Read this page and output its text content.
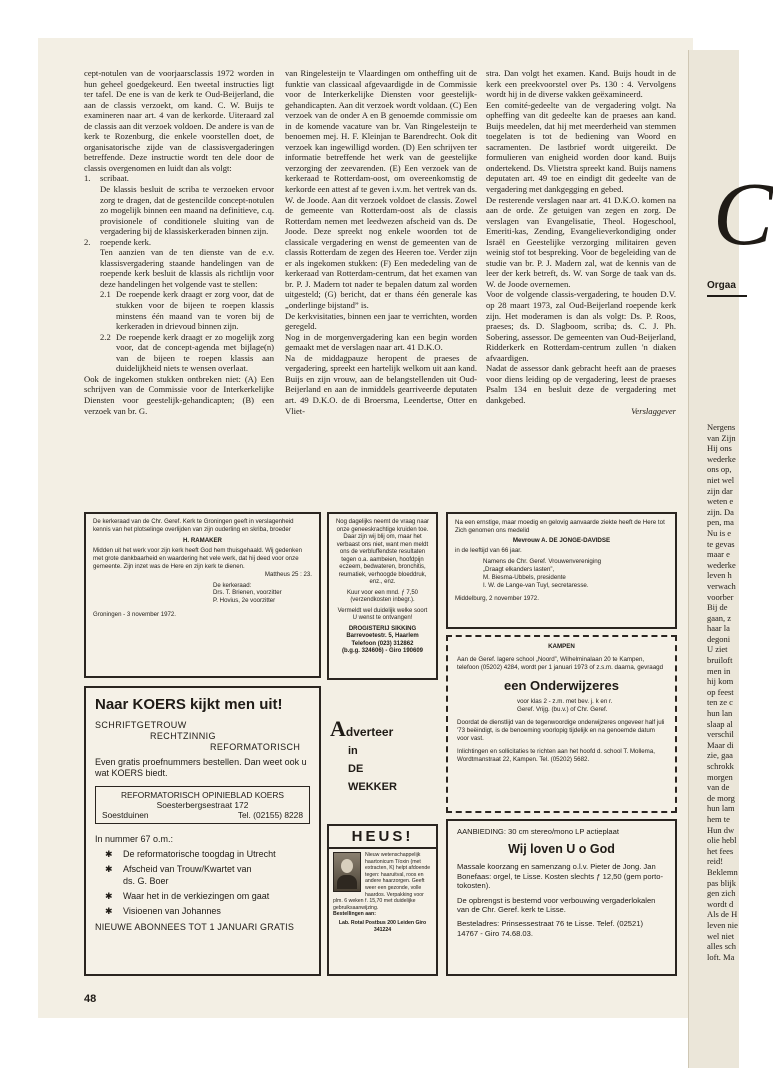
C
Orgaa
Nergens
van Zijn
Hij ons
wederke
ons op,
niet wel
zijn dar
weten e
zijn. Da
pen, ma
Nu is e
te gevas
maar e
wederke
leven h
verwach
voorber
Bij de
gaan, z
haar la
degoni
U ziet
bruiloft
men in
hij kom
op feest
ten ze c
hun lan
slaap al
verschil
Maar di
zie, gaa
schrokk
morgen
van de
de morg
hun lam
hem te
Hun dw
olie hebl
het fees
reid!
Beklemn
pas blijk
gen zich
wordt d
Als de H
leven nie
wel niet
alles sch
loft. Ma

cept-notulen van de voorjaarsclassis 1972 worden in hun geheel goedgekeurd. Een tweetal instructies ligt ter tafel. De ene is van de kerk te Oud-Beijerland, die aan de classis verzoekt, om kand. C. W. Buijs te examineren naar art. 4 van de kerkorde. Uiteraard zal de classis aan dit verzoek voldoen. De andere is van de kerk te Rozenburg, die enkele voorstellen doet, de organisatorische zijde van de classisvergaderingen betreffende. Deze instructie wordt ten dele door de classis overgenomen en luidt dan als volgt:

1. scribaat.

De klassis besluit de scriba te verzoeken ervoor zorg te dragen, dat de gestencilde concept-notulen zo mogelijk binnen een maand na definitieve, c.q. provisionele of conditionele sluiting van de vergadering bij de klassiskerkeraden binnen zijn.

2. roepende kerk.

Ten aanzien van de ten dienste van de e.v. klassisvergadering staande handelingen van de roepende kerk besluit de klassis als richtlijn voor deze handelingen het volgende vast te stellen:

2.1 De roepende kerk draagt er zorg voor, dat de stukken voor de bijeen te roepen klassis minstens één maand van te voren bij de kerkeraden in drievoud binnen zijn.
2.2 De roepende kerk draagt er zo mogelijk zorg voor, dat de concept-agenda met bijlage(n) van de bijeen te roepen klassis aan duidelijkheid niets te wensen overlaat.

Ook de ingekomen stukken ontbreken niet: (A) Een schrijven van de Commissie voor de Interkerkelijke Diensten voor geestelijk-gehandicapten; (B) een verzoek van br. G.

van Ringelesteijn te Vlaardingen om ontheffing uit de funktie van classicaal afgevaardigde in de Commissie voor de Interkerkelijke Diensten voor geestelijk-gehandicapten. Aan dit verzoek wordt voldaan. (C) Een verzoek van de onder A en B genoemde commissie om in de komende vacature van br. Van Ringelesteijn te benoemen mej. H. F. Kleinjan te Barendrecht. Ook dit verzoek kan ingewilligd worden. (D) Een schrijven ter informatie betreffende het werk van de geestelijke verzorging der zeevarenden. (E) Een verzoek van de kerkeraad te Rotterdam-oost, om overeenkomstig de kerkorde een attest af te geven i.v.m. het vertrek van ds. W. de Joode. Aan dit verzoek voldoet de classis. Zowel de gemeente van Rotterdam-oost als de classis Rotterdam nemen met leedwezen afscheid van ds. De Joode. Deze spreekt nog enkele woorden tot de classicale vergadering en wenst de gemeenten van de classis Rotterdam de zegen des Heeren toe. Verder zijn er als ingekomen stukken: (F) Een mededeling van de kerkeraad van Rotterdam-centrum, dat het examen van br. P. J. Madern tot nader te bepalen datum zal worden uitgesteld; (G) bericht, dat er thans één generale kas „onderlinge bijstand” is.

De kerkvisitaties, binnen een jaar te verrichten, worden geregeld.

Nog in de morgenvergadering kan een begin worden gemaakt met de verslagen naar art. 41 D.K.O.

Na de middagpauze heropent de praeses de vergadering, spreekt een hartelijk welkom uit aan kand. Buijs en zijn vrouw, aan de belangstellenden uit Oud-Beijerland en aan de inmiddels gearriveerde deputaten art. 49 D.K.O. de di Broersma, Leendertse, Otter en Vliet-

stra. Dan volgt het examen. Kand. Buijs houdt in de kerk een preekvoorstel over Ps. 130 : 4. Vervolgens wordt hij in de diverse vakken geëxamineerd.

Een comité-gedeelte van de vergadering volgt. Na opheffing van dit gedeelte kan de praeses aan kand. Buijs meedelen, dat hij met meerderheid van stemmen toegelaten is tot de bediening van Woord en sacramenten. De lastbrief wordt uitgereikt. De formulieren van enigheid worden door kand. Buijs ondertekend. Ds. Vlietstra spreekt kand. Buijs namens deputaten art. 49 toe en eindigt dit gedeelte van de vergadering met dankgegging en gebed.

De resterende verslagen naar art. 41 D.K.O. komen na aan de orde. Ze getuigen van zegen en zorg. De verslagen van Evangelisatie, Theol. Hogeschool, Emeriti-kas, Zending, Evangelieverkondiging onder Israël en Geestelijke verzorging militairen geven weinig stof tot bespreking. Voor de begeleiding van de studie van br. P. J. Madern zal, wat de kennis van de leer der kerk betreft, ds. W. van Sorge de taak van ds. W. de Joode overnemen.

Voor de volgende classis-vergadering, te houden D.V. op 28 maart 1973, zal Oud-Beijerland roepende kerk zijn. Het moderamen is dan als volgt: Ds. P. Roos, praeses; ds. D. Slagboom, scriba; ds. C. J. Ph. Sobering, assessor. De gemeenten van Oud-Beijerland, Ridderkerk en Rotterdam-centrum zullen 'n diaken afvaardigen.

Nadat de assessor dank gebracht heeft aan de praeses voor diens leiding op de vergadering, leest de praeses Psalm 134 en besluit deze de vergadering met dankgebed.

Verslaggever

De kerkeraad van de Chr. Geref. Kerk te Groningen geeft in verslagenheid kennis van het plotselinge overlijden van zijn ouderling en skriba, broeder
H. RAMAKER
Midden uit het werk voor zijn kerk heeft God hem thuisgehaald. Wij gedenken met grote dankbaarheid en waardering het vele werk, dat hij deed voor onze gemeente. Zijn inzet was de Here en zijn kerk te dienen.
Mattheus 25 : 23.
De kerkeraad:
Drs. T. Brienen, voorzitter
P. Hovius, 2e voorzitter
Groningen - 3 november 1972.
Nog dagelijks neemt de vraag naar onze geneeskrachtige kruiden toe. Daar zijn wij blij om, maar het verbaast ons niet, want men meldt ons de verbluffendste resultaten tegen o.a. aambeien, hoofdpijn eczeem, bedwateren, bronchitis, reumatiek, verhoogde bloeddruk, enz., enz.
Kuur voor een mnd. ƒ 7,50 (verzendkosten inbegr.).
Vermeldt wel duidelijk welke soort U wenst te ontvangen!
DROGISTERIJ SIKKING
Barrevoetestr. 5, Haarlem
Telefoon (023) 312862
(b.g.g. 324606) - Giro 190609
Na een ernstige, maar moedig en gelovig aanvaarde ziekte heeft de Here tot Zich genomen ons medelid
Mevrouw A. DE JONGE-DAVIDSE
in de leeftijd van 66 jaar.
Namens de Chr. Geref. Vrouwenvereniging
„Draagt elkanders lasten”,
M. Biesma-Ubbels, presidente
I. W. de Lange-van Tuyl, secretaresse.
Middelburg, 2 november 1972.
Naar KOERS kijkt men uit!
SCHRIFTGETROUW
RECHTZINNIG
REFORMATORISCH
Even gratis proefnummers bestellen. Dan weet ook u wat KOERS biedt.
REFORMATORISCH OPINIEBLAD KOERS
Soesterbergsestraat 172
Soestduinen	Tel. (02155) 8228
In nummer 67 o.m.:
✱ De reformatorische toogdag in Utrecht
✱ Afscheid van Trouw/Kwartet van
ds. G. Boer
✱ Waar het in de verkiezingen om gaat
✱ Visioenen van Johannes
NIEUWE ABONNEES TOT 1 JANUARI GRATIS
Adverteer
in
DE
WEKKER
HEUS!
Nieuw wetenschappelijk haartonicum Tïoxin (met extracten, K) helpt afdoende tegen: haaruitval, roos en andere haarzorgen. Geeft weer een gezonde, volle haardos. Verpakking voor plm. 6 weken f. 15,70 met duidelijke gebruiksaanwijzing.
Bestellingen aan:
Lab. Rotal Postbus 200 Leiden Giro 341224
KAMPEN
Aan de Geref. lagere school „Noord”, Wilhelminalaan 20 te Kampen, telefoon (05202) 4284, wordt per 1 januari 1973 of z.s.m. daarna, gevraagd
een Onderwijzeres
voor klas 2 - z.m. met bev. j. k en r.
Geref. Vrijg. (bu.v.) of Chr. Geref.
Doordat de dienstlijd van de tegenwoordige onderwijzeres ongeveer half juli '73 beëindigt, is de benoeming voorlopig tijdelijk en na genoemde datum voor vast.
Inlichtingen en sollicitaties te richten aan het hoofd d. school T. Mollema, Wordtmanstraat 22, Kampen. Tel. (05202) 5682.
AANBIEDING: 30 cm stereo/mono LP actieplaat
Wij loven U o God
Massale koorzang en samenzang o.l.v. Pieter de Jong. Jan Bonefaas: orgel, te Lisse. Kosten slechts ƒ 12,50 (gem porto-tokosten).
De opbrengst is bestemd voor verbouwing vergaderlokalen van de Chr. Geref. kerk te Lisse.
Besteladres: Prinsessestraat 76 te Lisse. Telef. (02521) 14767 - Giro 74.68.03.
48
